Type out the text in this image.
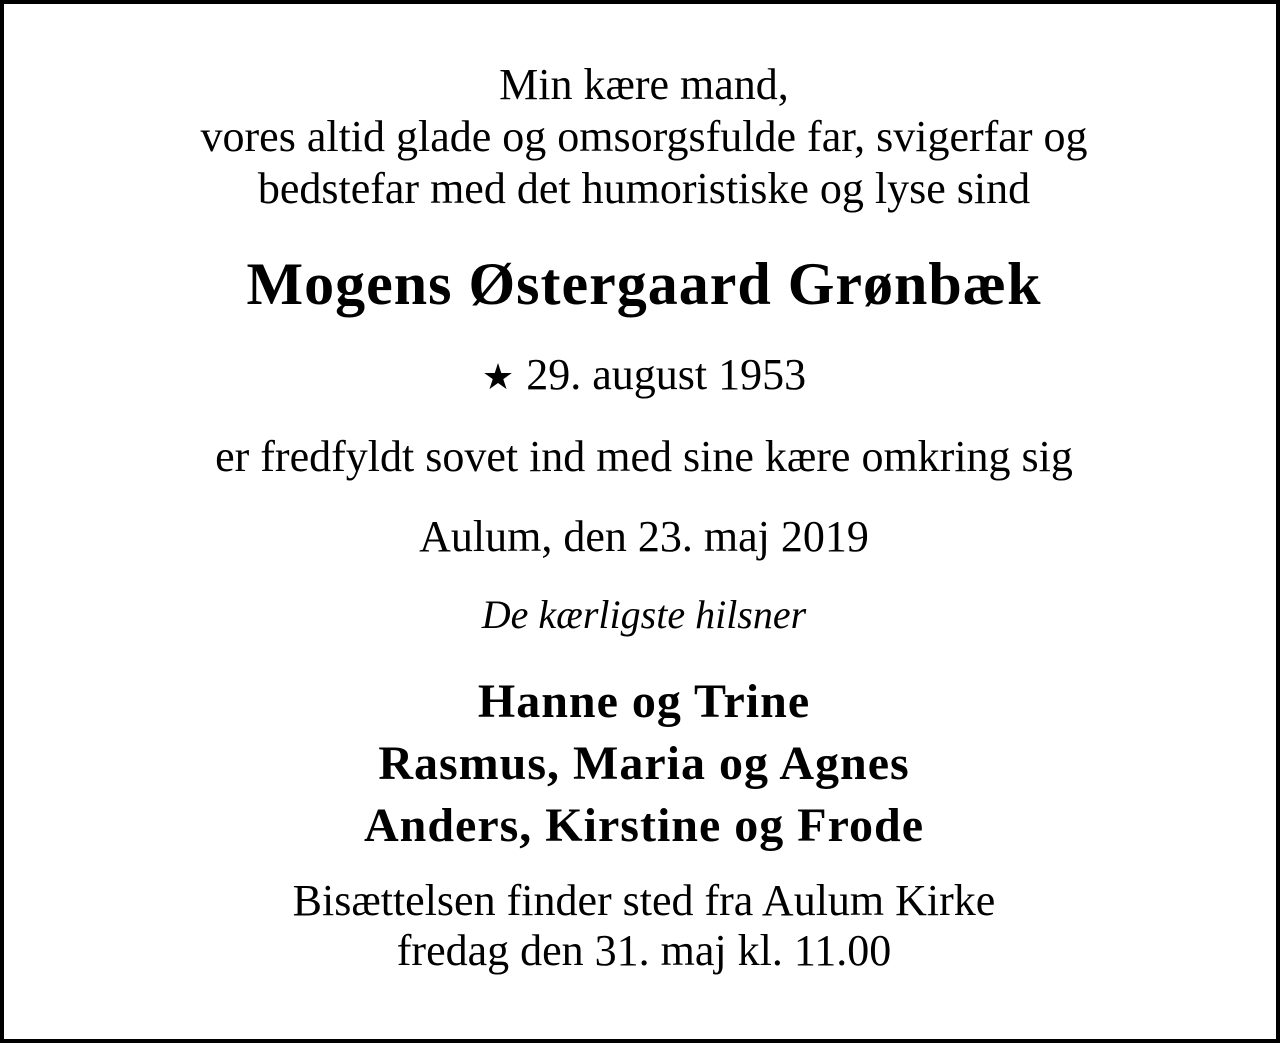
Min kære mand,
vores altid glade og omsorgsfulde far, svigerfar og
bedstefar med det humoristiske og lyse sind
Mogens Østergaard Grønbæk
★ 29. august 1953
er fredfyldt sovet ind med sine kære omkring sig
Aulum, den 23. maj 2019
De kærligste hilsner
Hanne og Trine
Rasmus, Maria og Agnes
Anders, Kirstine og Frode
Bisættelsen finder sted fra Aulum Kirke
fredag den 31. maj kl. 11.00
